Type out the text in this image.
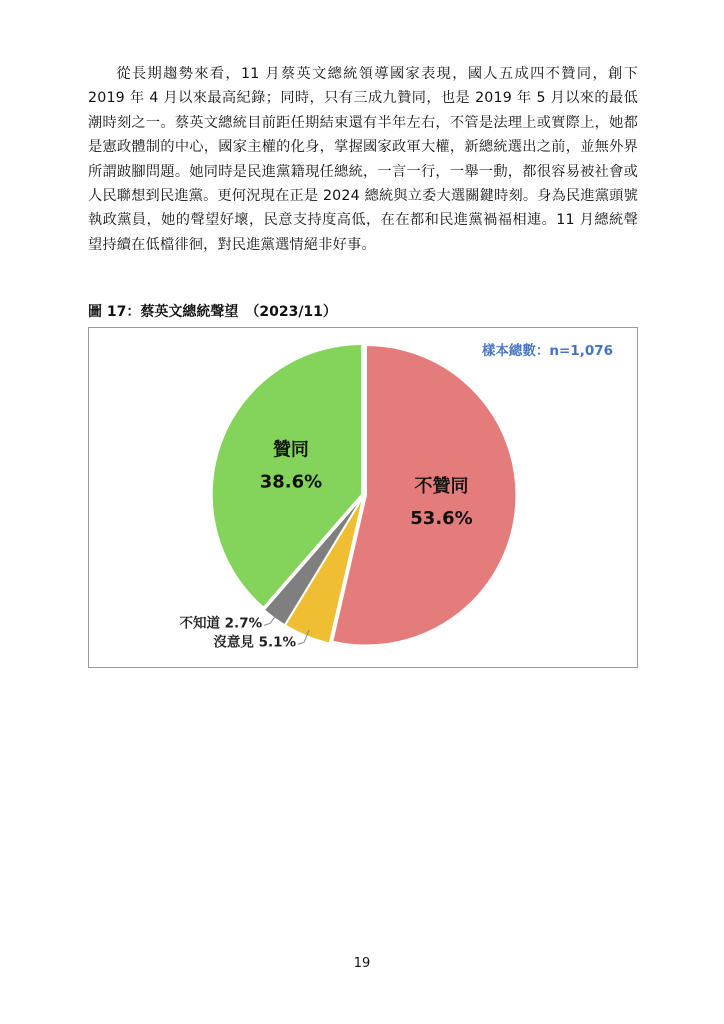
從長期趨勢來看，11 月蔡英文總統領導國家表現，國人五成四不贊同，創下 2019 年 4 月以來最高紀錄；同時，只有三成九贊同，也是 2019 年 5 月以來的最低潮時刻之一。蔡英文總統目前距任期結束還有半年左右，不管是法理上或實際上，她都是憲政體制的中心，國家主權的化身，掌握國家政軍大權，新總統選出之前，並無外界所謂跛腳問題。她同時是民進黨籍現任總統，一言一行，一舉一動，都很容易被社會或人民聯想到民進黨。更何況現在正是 2024 總統與立委大選關鍵時刻。身為民進黨頭號執政黨員，她的聲望好壞，民意支持度高低，在在都和民進黨禍福相連。11 月總統聲望持續在低檔徘徊，對民進黨選情絕非好事。

圖 17：蔡英文總統聲望　（2023/11）
樣本總數：n=1,076
不贊同
53.6%
沒意見 5.1%
不知道 2.7%
贊同
38.6%
19
